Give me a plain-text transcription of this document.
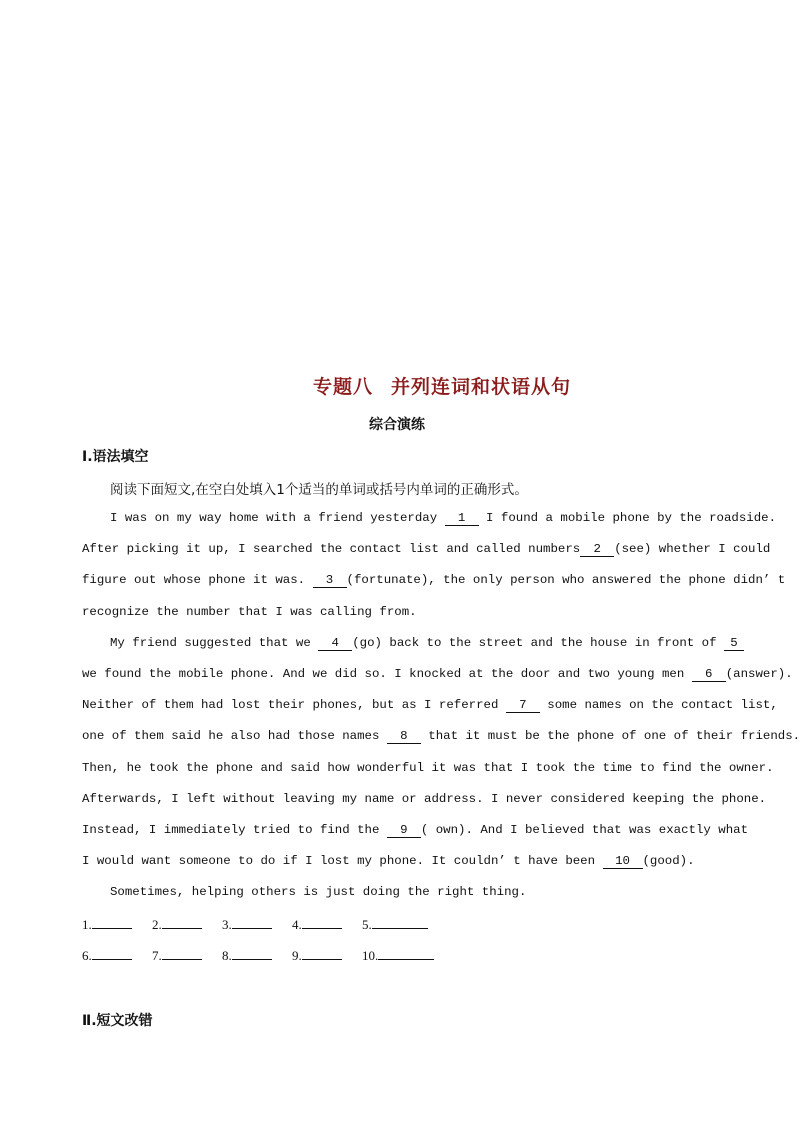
专题八 并列连词和状语从句
综合演练
Ⅰ.语法填空
阅读下面短文,在空白处填入1个适当的单词或括号内单词的正确形式。
I was on my way home with a friend yesterday 1 I found a mobile phone by the roadside.
After picking it up, I searched the contact list and called numbers 2 (see) whether I could
figure out whose phone it was. 3 (fortunate), the only person who answered the phone didn’ t
recognize the number that I was calling from.
My friend suggested that we 4 (go) back to the street and the house in front of 5
we found the mobile phone. And we did so. I knocked at the door and two young men 6 (answer).
Neither of them had lost their phones, but as I referred 7 some names on the contact list,
one of them said he also had those names 8 that it must be the phone of one of their friends.
Then, he took the phone and said how wonderful it was that I took the time to find the owner.
Afterwards, I left without leaving my name or address. I never considered keeping the phone.
Instead, I immediately tried to find the 9 ( own). And I believed that was exactly what
I would want someone to do if I lost my phone. It couldn’ t have been 10 (good).
Sometimes, helping others is just doing the right thing.
1.	2.	3.	4.	5.
6.	7.	8.	9.	10.
Ⅱ.短文改错
